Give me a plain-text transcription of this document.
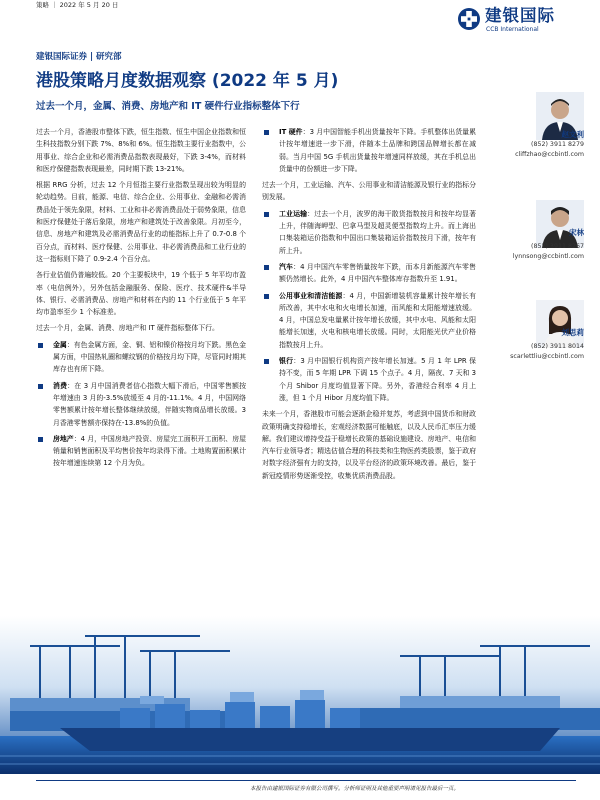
策略 ｜ 2022 年 5 月 20 日
建银国际
CCB International
建银国际证券 | 研究部
港股策略月度数据观察 (2022 年 5 月)
过去一个月，金属、消费、房地产和 IT 硬件行业指标整体下行

过去一个月，香港股市整体下跌，恒生指数、恒生中国企业指数和恒生科技指数分别下跌 7%、8%和 6%。恒生指数主要行业指数中，公用事业、综合企业和必需消费品指数表现最好，下跌 3-4%，而材料和医疗保健指数表现最差，同时期下跌 13-21%。

根据 RRG 分析，过去 12 个月恒指主要行业指数呈现出较为明显的轮动趋势。目前，能源、电信、综合企业、公用事业、金融和必需消费品处于领先象限，材料、工业和非必需消费品处于弱势象限，信息和医疗保健处于落后象限，房地产和建筑处于改善象限。月初至今，信息、房地产和建筑及必需消费品行业的动能指标上升了 0.7-0.8 个百分点，而材料、医疗保健、公用事业、非必需消费品和工业行业的这一指标则下降了 0.9-2.4 个百分点。

各行业估值仍普遍较低。20 个主要板块中，19 个低于 5 年平均市盈率（电信例外），另外包括金融服务、保险、医疗、技术硬件&半导体、银行、必需消费品、房地产和材料在内的 11 个行业低于 5 年平均市盈率至少 1 个标准差。

过去一个月，金属、消费、房地产和 IT 硬件指标整体下行。

金属：有色金属方面，金、铜、铝和镍价格按月均下跌。黑色金属方面，中国热轧圈和螺纹钢的价格按月均下降，尽管同时期其库存也有所下降。
消费：在 3 月中国消费者信心指数大幅下滑后，中国零售额按年增速由 3 月的-3.5%放缓至 4 月的-11.1%。4 月，中国网络零售额累计按年增长整体继续放缓，伴随实物商品增长放缓。3 月香港零售额亦保持在-13.8%的负值。
房地产：4 月，中国房地产投资、房屋完工面积开工面积、房屋销量和销售面积及平均售价按年均录得下滑。土地购置面积累计按年增速连续第 12 个月为负。
IT 硬件：3 月中国智能手机出货量按年下降。手机整体出货量累计按年增速进一步下滑，伴随本土品牌和跨国品牌增长都在减弱。当月中国 5G 手机出货量按年增速同样放缓，其在手机总出货量中的份额进一步下降。

过去一个月，工业运输、汽车、公用事业和清洁能源及银行业的指标分别发展。

工业运输：过去一个月，波罗的海干散货指数按月和按年均显著上升，伴随海岬型、巴拿马型及超灵便型指数均上升。而上海出口集装箱运价指数和中国出口集装箱运价指数按月下滑，按年有所上升。
汽车：4 月中国汽车零售销量按年下跌，而本月新能源汽车零售额仍然增长。此外，4 月中国汽车整体库存指数升至 1.91。
公用事业和清洁能源：4 月，中国新增装机容量累计按年增长有所改善，其中水电和火电增长加速，而风能和太阳能增速放缓。4 月，中国总发电量累计按年增长放缓，其中水电、风能和太阳能增长加速，火电和核电增长放缓。同时，太阳能光伏产业价格指数按月上升。
银行：3 月中国银行机构资产按年增长加速。5 月 1 年 LPR 保持不变，而 5 年期 LPR 下调 15 个点子。4 月，隔夜、7 天和 3 个月 Shibor 月度均值显著下降。另外，香港经合利率 4 月上涨，但 1 个月 Hibor 月度均值下降。

未来一个月，香港股市可能会逐渐企稳并复苏，考虑到中国货币和财政政策明确支持稳增长，宏观经济数据可能触底，以及人民币汇率压力缓解。我们建议增持受益于稳增长政策的基础设施建设、房地产、电信和汽车行业领导者；精选估值合理的科技类和生物医药类股票，鉴于政府对数字经济强有力的支持，以及平台经济的政策环境改善。最后，鉴于新冠疫情形势逐渐受控，收集优质消费品股。

赵文利
(852) 3911 8279
cliffzhao@ccbintl.com
宋林
(852) 3911 8267
lynnsong@ccbintl.com
刘思莉
(852) 3911 8014
scarlettliu@ccbintl.com
本报告由建银国际证券有限公司撰写。分析师证明及其他重要声明请见报告最后一页。
